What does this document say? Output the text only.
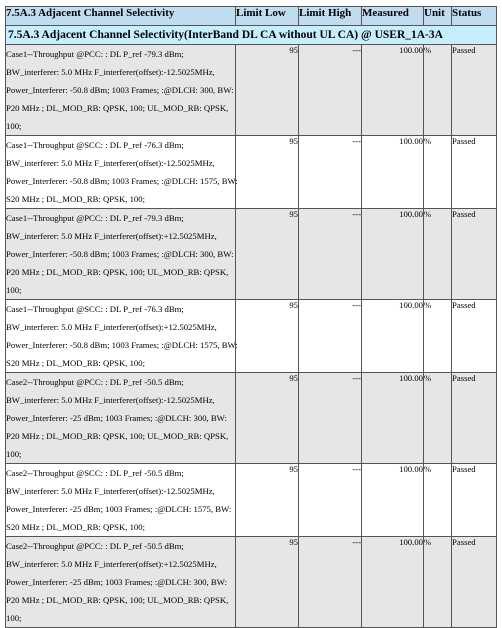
7.5A.3 Adjacent Channel Selectivity	Limit Low	Limit High	Measured	Unit	Status
7.5A.3 Adjacent Channel Selectivity(InterBand DL CA without UL CA) @ USER_1A-3A					

Case1--Throughput @PCC: : DL P_ref -79.3 dBm;
BW_interferer: 5.0 MHz F_interferer(offset):-12.5025MHz,
Power_Interferer: -50.8 dBm; 1003 Frames; :@DLCH: 300, BW:
P20 MHz ; DL_MOD_RB: QPSK, 100; UL_MOD_RB: QPSK,
100;	95	---	100.00	%	Passed

Case1--Throughput @SCC: : DL P_ref -76.3 dBm;
BW_interferer: 5.0 MHz F_interferer(offset):-12.5025MHz,
Power_Interferer: -50.8 dBm; 1003 Frames; :@DLCH: 1575, BW:
S20 MHz ; DL_MOD_RB: QPSK, 100;	95	---	100.00	%	Passed

Case1--Throughput @PCC: : DL P_ref -79.3 dBm;
BW_interferer: 5.0 MHz F_interferer(offset):+12.5025MHz,
Power_Interferer: -50.8 dBm; 1003 Frames; :@DLCH: 300, BW:
P20 MHz ; DL_MOD_RB: QPSK, 100; UL_MOD_RB: QPSK,
100;	95	---	100.00	%	Passed

Case1--Throughput @SCC: : DL P_ref -76.3 dBm;
BW_interferer: 5.0 MHz F_interferer(offset):+12.5025MHz,
Power_Interferer: -50.8 dBm; 1003 Frames; :@DLCH: 1575, BW:
S20 MHz ; DL_MOD_RB: QPSK, 100;	95	---	100.00	%	Passed

Case2--Throughput @PCC: : DL P_ref -50.5 dBm;
BW_interferer: 5.0 MHz F_interferer(offset):-12.5025MHz,
Power_Interferer: -25 dBm; 1003 Frames; :@DLCH: 300, BW:
P20 MHz ; DL_MOD_RB: QPSK, 100; UL_MOD_RB: QPSK,
100;	95	---	100.00	%	Passed

Case2--Throughput @SCC: : DL P_ref -50.5 dBm;
BW_interferer: 5.0 MHz F_interferer(offset):-12.5025MHz,
Power_Interferer: -25 dBm; 1003 Frames; :@DLCH: 1575, BW:
S20 MHz ; DL_MOD_RB: QPSK, 100;	95	---	100.00	%	Passed

Case2--Throughput @PCC: : DL P_ref -50.5 dBm;
BW_interferer: 5.0 MHz F_interferer(offset):+12.5025MHz,
Power_Interferer: -25 dBm; 1003 Frames; :@DLCH: 300, BW:
P20 MHz ; DL_MOD_RB: QPSK, 100; UL_MOD_RB: QPSK,
100;	95	---	100.00	%	Passed
